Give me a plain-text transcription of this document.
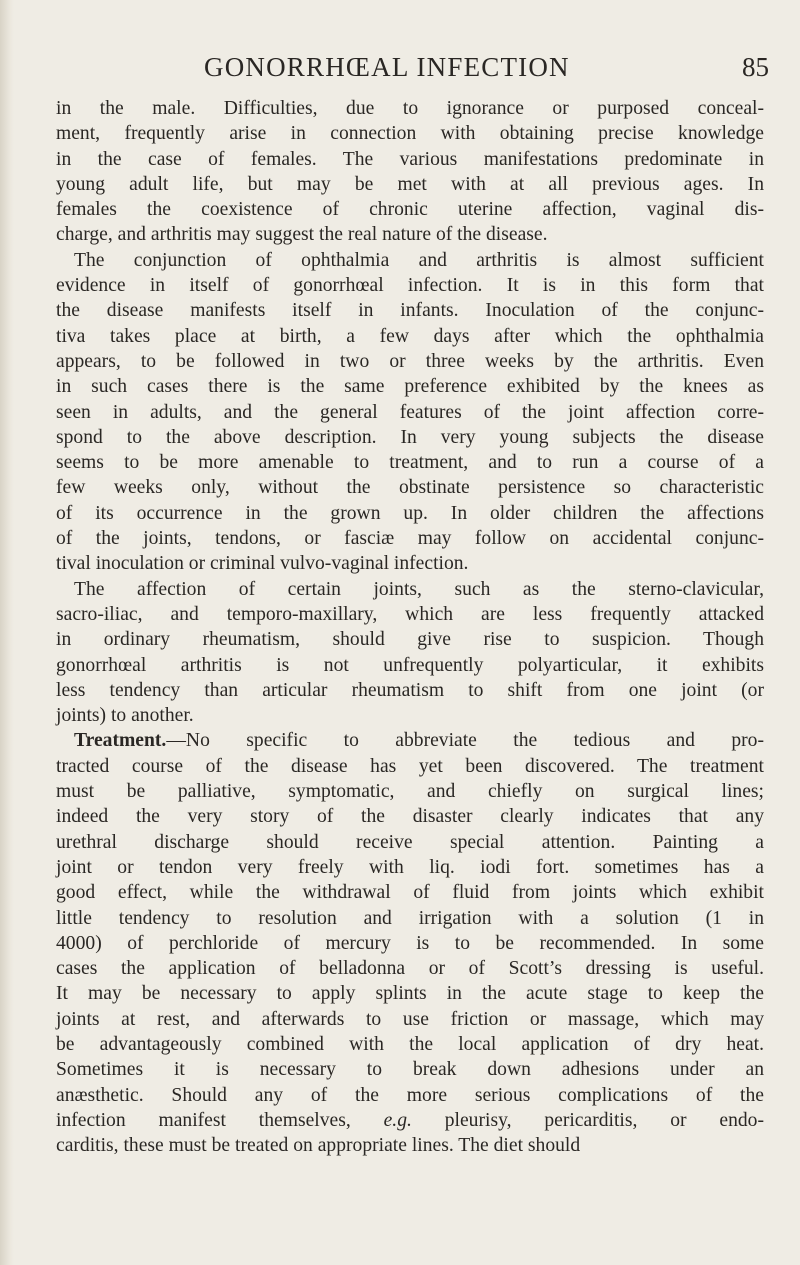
GONORRHŒAL INFECTION	85
in the male. Difficulties, due to ignorance or purposed conceal-
ment, frequently arise in connection with obtaining precise knowledge
in the case of females. The various manifestations predominate in
young adult life, but may be met with at all previous ages. In
females the coexistence of chronic uterine affection, vaginal dis-
charge, and arthritis may suggest the real nature of the disease.
The conjunction of ophthalmia and arthritis is almost sufficient
evidence in itself of gonorrhœal infection. It is in this form that
the disease manifests itself in infants. Inoculation of the conjunc-
tiva takes place at birth, a few days after which the ophthalmia
appears, to be followed in two or three weeks by the arthritis. Even
in such cases there is the same preference exhibited by the knees as
seen in adults, and the general features of the joint affection corre-
spond to the above description. In very young subjects the disease
seems to be more amenable to treatment, and to run a course of a
few weeks only, without the obstinate persistence so characteristic
of its occurrence in the grown up. In older children the affections
of the joints, tendons, or fasciæ may follow on accidental conjunc-
tival inoculation or criminal vulvo-vaginal infection.
The affection of certain joints, such as the sterno-clavicular,
sacro-iliac, and temporo-maxillary, which are less frequently attacked
in ordinary rheumatism, should give rise to suspicion. Though
gonorrhœal arthritis is not unfrequently polyarticular, it exhibits
less tendency than articular rheumatism to shift from one joint (or
joints) to another.
Treatment.—No specific to abbreviate the tedious and pro-
tracted course of the disease has yet been discovered. The treatment
must be palliative, symptomatic, and chiefly on surgical lines;
indeed the very story of the disaster clearly indicates that any
urethral discharge should receive special attention. Painting a
joint or tendon very freely with liq. iodi fort. sometimes has a
good effect, while the withdrawal of fluid from joints which exhibit
little tendency to resolution and irrigation with a solution (1 in
4000) of perchloride of mercury is to be recommended. In some
cases the application of belladonna or of Scott’s dressing is useful.
It may be necessary to apply splints in the acute stage to keep the
joints at rest, and afterwards to use friction or massage, which may
be advantageously combined with the local application of dry heat.
Sometimes it is necessary to break down adhesions under an
anæsthetic. Should any of the more serious complications of the
infection manifest themselves, e.g. pleurisy, pericarditis, or endo-
carditis, these must be treated on appropriate lines. The diet should
